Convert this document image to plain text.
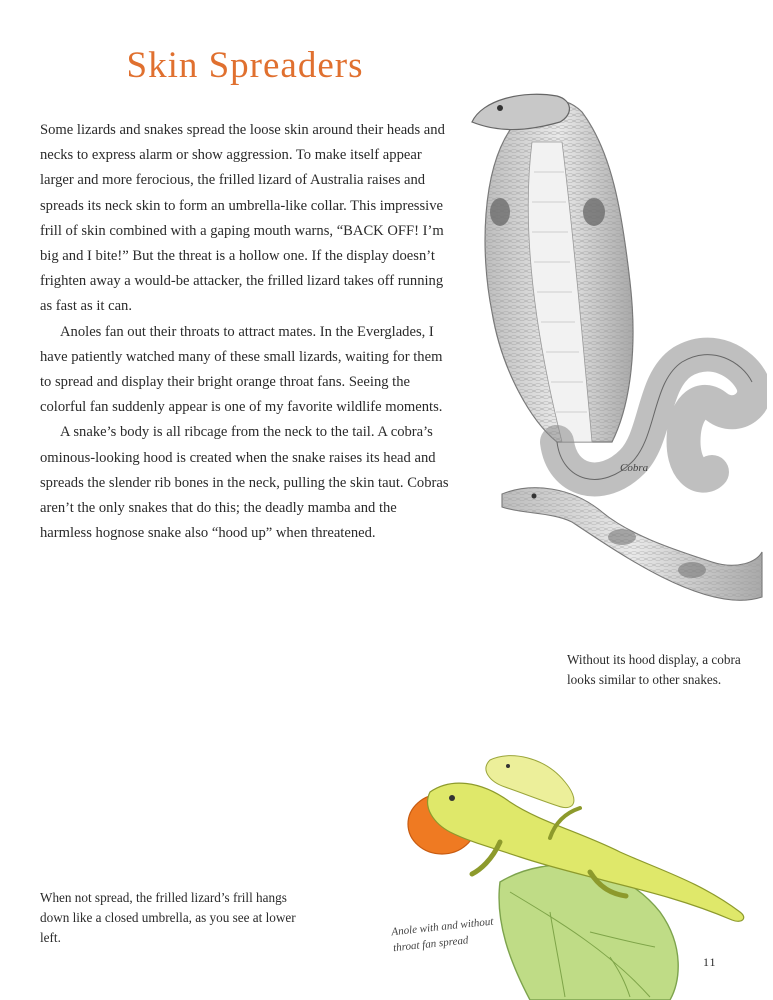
Skin Spreaders

Some lizards and snakes spread the loose skin around their heads and necks to express alarm or show aggression. To make itself appear larger and more ferocious, the frilled lizard of Australia raises and spreads its neck skin to form an umbrella-like collar. This impressive frill of skin combined with a gaping mouth warns, “BACK OFF! I’m big and I bite!” But the threat is a hollow one. If the display doesn’t frighten away a would-be attacker, the frilled lizard takes off running as fast as it can.

Anoles fan out their throats to attract mates. In the Everglades, I have patiently watched many of these small lizards, waiting for them to spread and display their bright orange throat fans. Seeing the colorful fan suddenly appear is one of my favorite wildlife moments.

A snake’s body is all ribcage from the neck to the tail. A cobra’s ominous-looking hood is created when the snake raises its head and spreads the slender rib bones in the neck, pulling the skin taut. Cobras aren’t the only snakes that do this; the deadly mamba and the harmless hognose snake also “hood up” when threatened.

Cobra
Without its hood display, a cobra looks similar to other snakes.
Anole with and without throat fan spread
When not spread, the frilled lizard’s frill hangs down like a closed umbrella, as you see at lower left.
11
